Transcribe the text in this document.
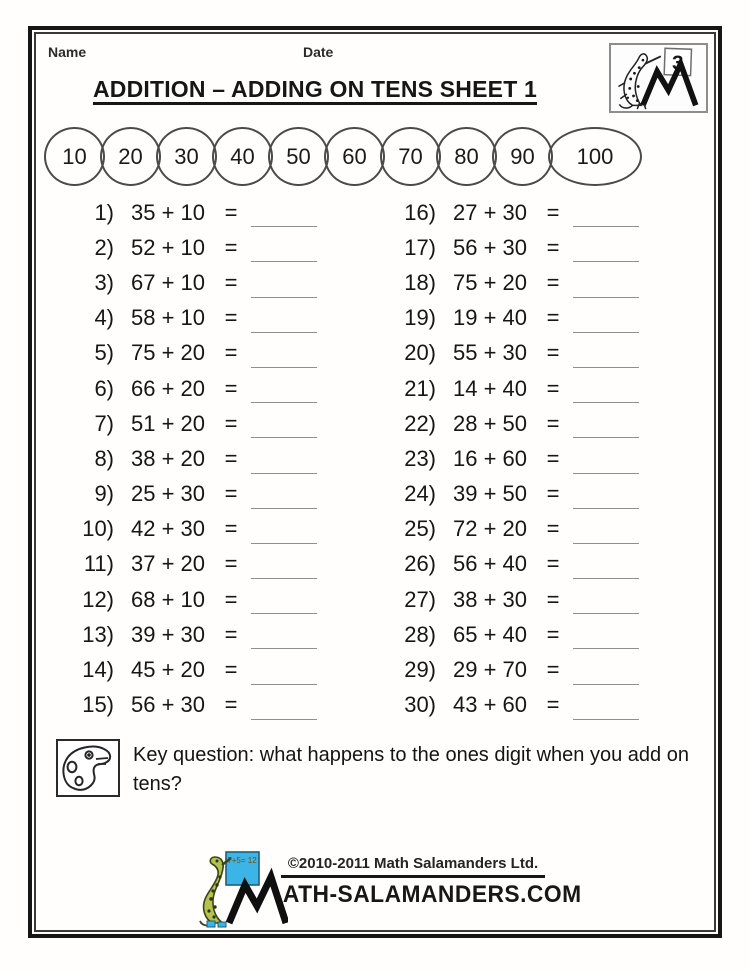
Name	Date
ADDITION – ADDING ON TENS SHEET 1
3
10	20	30	40	50	60	70	80	90	100
1) 35 + 10 =
2) 52 + 10 =
3) 67 + 10 =
4) 58 + 10 =
5) 75 + 20 =
6) 66 + 20 =
7) 51 + 20 =
8) 38 + 20 =
9) 25 + 30 =
10) 42 + 30 =
11) 37 + 20 =
12) 68 + 10 =
13) 39 + 30 =
14) 45 + 20 =
15) 56 + 30 =
16) 27 + 30 =
17) 56 + 30 =
18) 75 + 20 =
19) 19 + 40 =
20) 55 + 30 =
21) 14 + 40 =
22) 28 + 50 =
23) 16 + 60 =
24) 39 + 50 =
25) 72 + 20 =
26) 56 + 40 =
27) 38 + 30 =
28) 65 + 40 =
29) 29 + 70 =
30) 43 + 60 =
Key question: what happens to the ones digit when you add on tens?
7+5= 12	©2010-2011 Math Salamanders Ltd.
ATH-SALAMANDERS.COM
